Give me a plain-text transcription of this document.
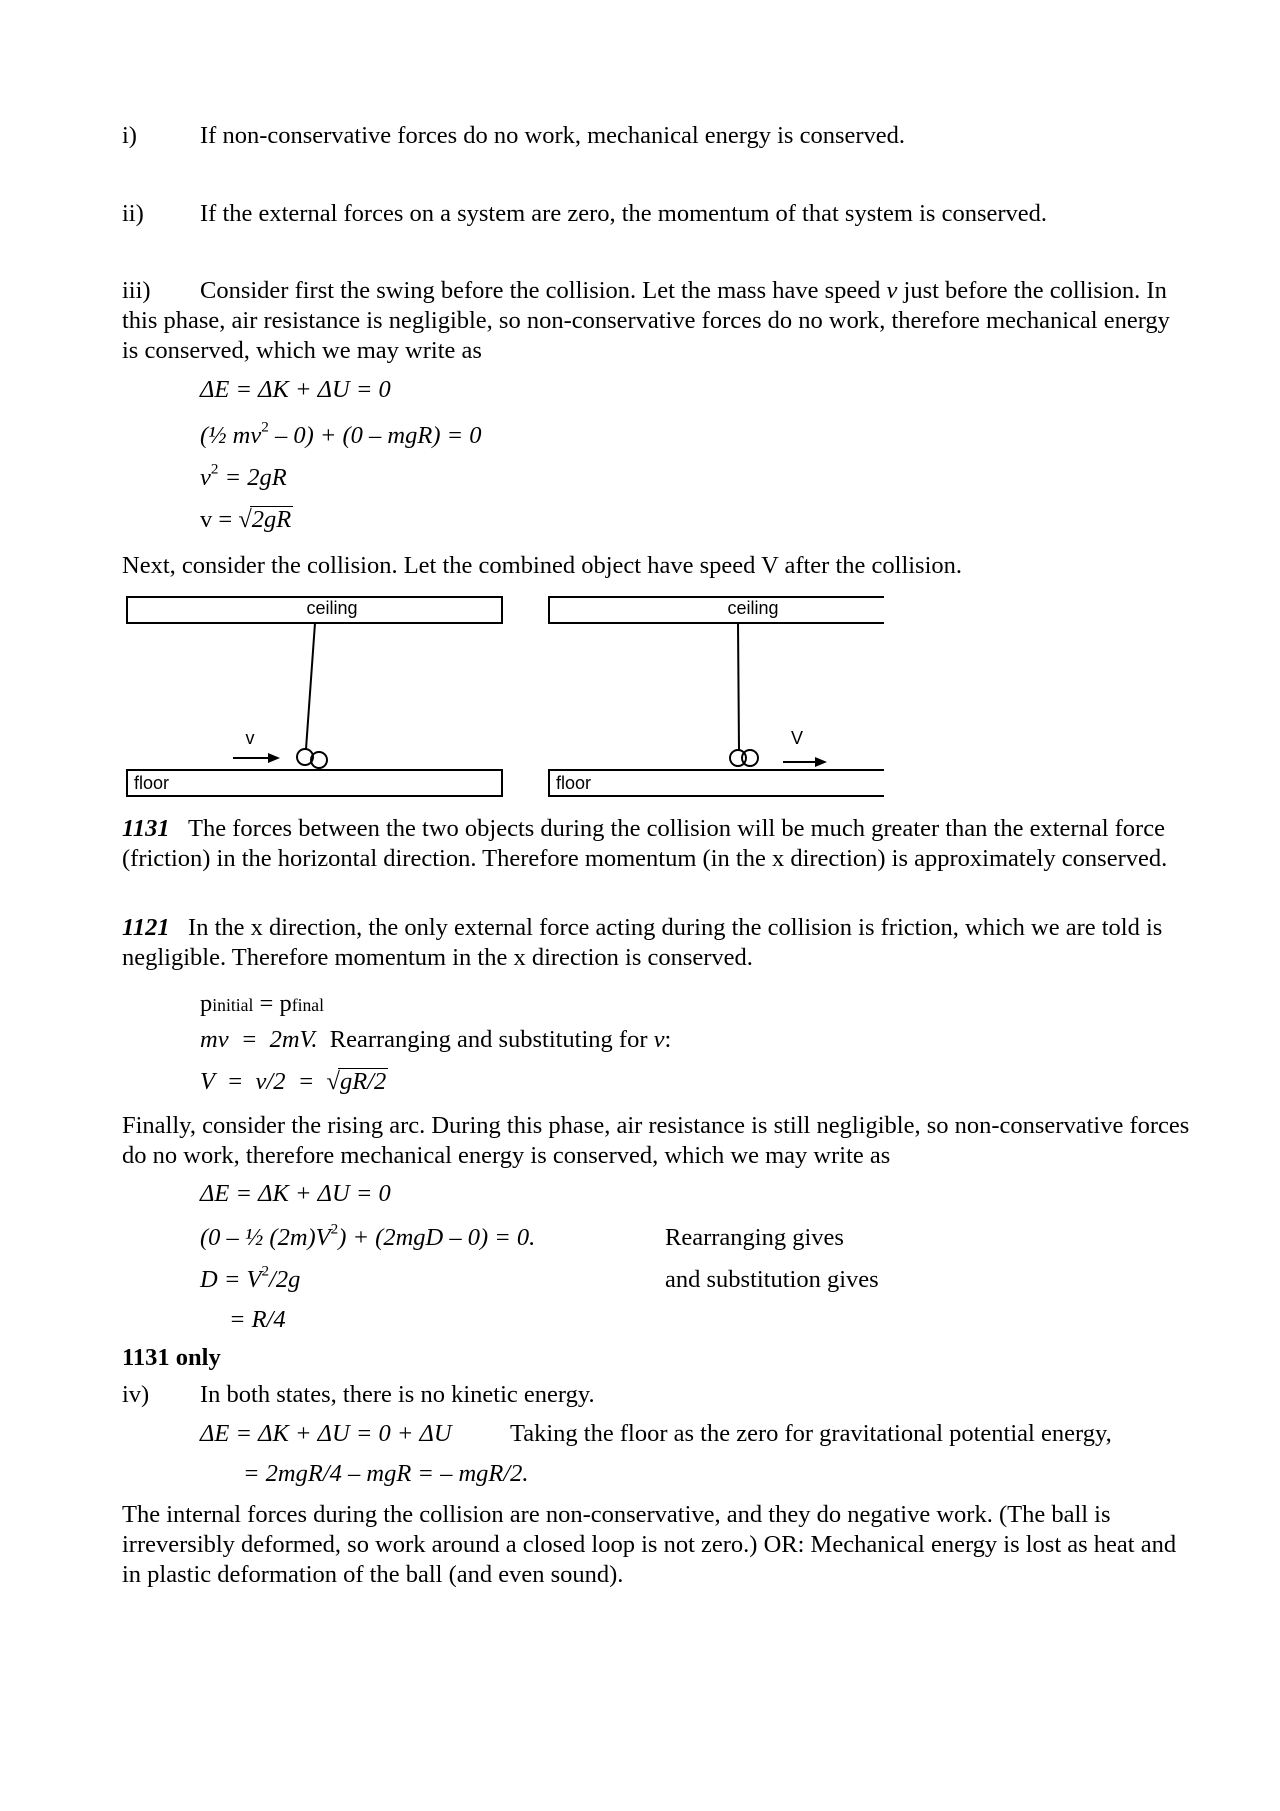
i)	If non-conservative forces do no work, mechanical energy is conserved.
ii) If the external forces on a system are zero, the momentum of that system is conserved.
iii) Consider first the swing before the collision. Let the mass have speed v just before the collision. In this phase, air resistance is negligible, so non-conservative forces do no work, therefore mechanical energy is conserved, which we may write as
ΔE = ΔK + ΔU = 0
(½ $mv^2 - 0) + (0 - mgR) = 0$
$v^2 = 2gR$
v = √2gR
Next, consider the collision. Let the combined object have speed V after the collision.
ceiling
v
floor
ceiling
V
floor
1131 The forces between the two objects during the collision will be much greater than the external force (friction) in the horizontal direction. Therefore momentum (in the x direction) is approximately conserved.
1121 In the x direction, the only external force acting during the collision is friction, which we are told is negligible. Therefore momentum in the x direction is conserved.
pinitial = pfinal
mv  =  2mV.  Rearranging and substituting for v:
V  =  v/2  =  √gR/2
Finally, consider the rising arc. During this phase, air resistance is still negligible, so non-conservative forces do no work, therefore mechanical energy is conserved, which we may write as
ΔE = ΔK + ΔU = 0
(0 – ½ $(2m)V^2) + (2mgD - 0) = 0$.	Rearranging gives
$D = V^2/2g$	and substitution gives
= R/4
1131 only
iv) In both states, there is no kinetic energy.
ΔE = ΔK + ΔU = 0 + ΔU Taking the floor as the zero for gravitational potential energy,
= 2mgR/4 – mgR = – mgR/2.
The internal forces during the collision are non-conservative, and they do negative work. (The ball is irreversibly deformed, so work around a closed loop is not zero.) OR: Mechanical energy is lost as heat and in plastic deformation of the ball (and even sound).
